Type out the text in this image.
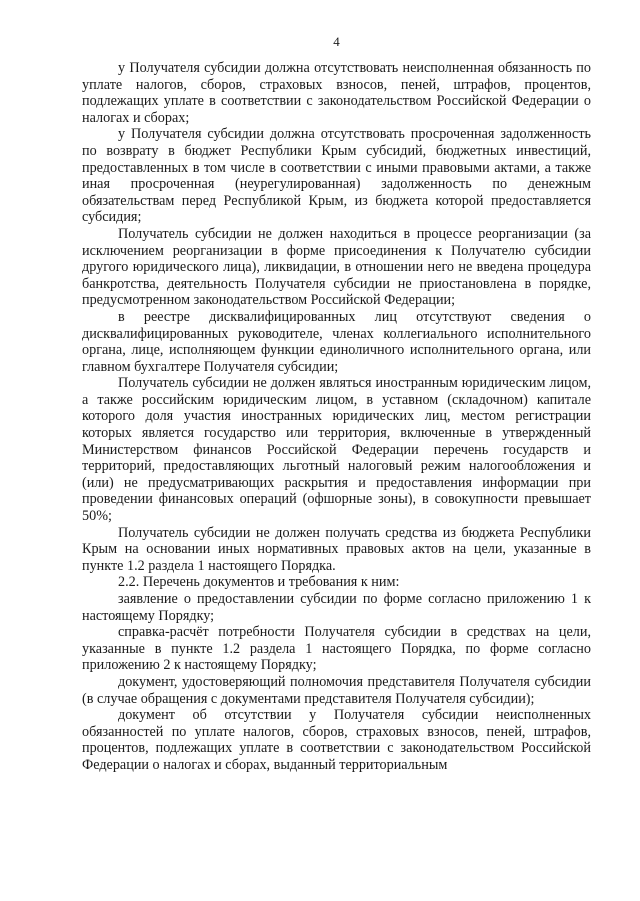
4

у Получателя субсидии должна отсутствовать неисполненная обязанность по уплате налогов, сборов, страховых взносов, пеней, штрафов, процентов, подлежащих уплате в соответствии с законодательством Российской Федерации о налогах и сборах;

у Получателя субсидии должна отсутствовать просроченная задолженность по возврату в бюджет Республики Крым субсидий, бюджетных инвестиций, предоставленных в том числе в соответствии с иными правовыми актами, а также иная просроченная (неурегулированная) задолженность по денежным обязательствам перед Республикой Крым, из бюджета которой предоставляется субсидия;

Получатель субсидии не должен находиться в процессе реорганизации (за исключением реорганизации в форме присоединения к Получателю субсидии другого юридического лица), ликвидации, в отношении него не введена процедура банкротства, деятельность Получателя субсидии не приостановлена в порядке, предусмотренном законодательством Российской Федерации;

в реестре дисквалифицированных лиц отсутствуют сведения о дисквалифицированных руководителе, членах коллегиального исполнительного органа, лице, исполняющем функции единоличного исполнительного органа, или главном бухгалтере Получателя субсидии;

Получатель субсидии не должен являться иностранным юридическим лицом, а также российским юридическим лицом, в уставном (складочном) капитале которого доля участия иностранных юридических лиц, местом регистрации которых является государство или территория, включенные в утвержденный Министерством финансов Российской Федерации перечень государств и территорий, предоставляющих льготный налоговый режим налогообложения и (или) не предусматривающих раскрытия и предоставления информации при проведении финансовых операций (офшорные зоны), в совокупности превышает 50%;

Получатель субсидии не должен получать средства из бюджета Республики Крым на основании иных нормативных правовых актов на цели, указанные в пункте 1.2 раздела 1 настоящего Порядка.

2.2. Перечень документов и требования к ним:

заявление о предоставлении субсидии по форме согласно приложению 1 к настоящему Порядку;

справка-расчёт потребности Получателя субсидии в средствах на цели, указанные в пункте 1.2 раздела 1 настоящего Порядка, по форме согласно приложению 2 к настоящему Порядку;

документ, удостоверяющий полномочия представителя Получателя субсидии (в случае обращения с документами представителя Получателя субсидии);

документ об отсутствии у Получателя субсидии неисполненных обязанностей по уплате налогов, сборов, страховых взносов, пеней, штрафов, процентов, подлежащих уплате в соответствии с законодательством Российской Федерации о налогах и сборах, выданный территориальным
